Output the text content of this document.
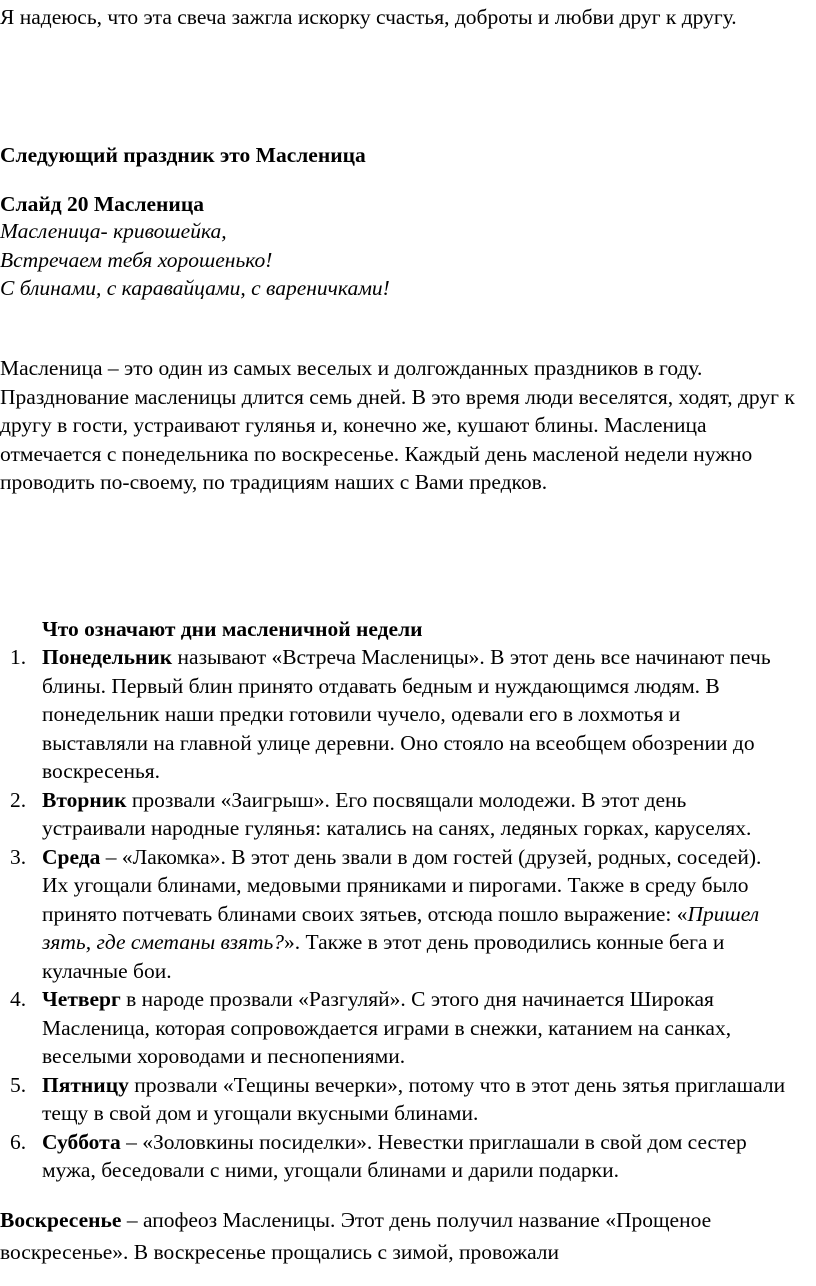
Я надеюсь, что эта свеча зажгла искорку счастья, доброты и любви друг к другу.

Следующий праздник это Масленица

Слайд 20 Масленица

Масленица- кривошейка,
Встречаем тебя хорошенько!
С блинами, с каравайцами, с вареничками!

Масленица – это один из самых веселых и долгожданных праздников в году. Празднование масленицы длится семь дней. В это время люди веселятся, ходят, друг к другу в гости, устраивают гулянья и, конечно же, кушают блины. Масленица отмечается с понедельника по воскресенье. Каждый день масленой недели нужно проводить по-своему, по традициям наших с Вами предков.

Что означают дни масленичной недели

1. Понедельник называют «Встреча Масленицы». В этот день все начинают печь блины. Первый блин принято отдавать бедным и нуждающимся людям. В понедельник наши предки готовили чучело, одевали его в лохмотья и выставляли на главной улице деревни. Оно стояло на всеобщем обозрении до воскресенья.
2. Вторник прозвали «Заигрыш». Его посвящали молодежи. В этот день устраивали народные гулянья: катались на санях, ледяных горках, каруселях.
3. Среда – «Лакомка». В этот день звали в дом гостей (друзей, родных, соседей). Их угощали блинами, медовыми пряниками и пирогами. Также в среду было принято потчевать блинами своих зятьев, отсюда пошло выражение: «Пришел зять, где сметаны взять?». Также в этот день проводились конные бега и кулачные бои.
4. Четверг в народе прозвали «Разгуляй». С этого дня начинается Широкая Масленица, которая сопровождается играми в снежки, катанием на санках, веселыми хороводами и песнопениями.
5. Пятницу прозвали «Тещины вечерки», потому что в этот день зятья приглашали тещу в свой дом и угощали вкусными блинами.
6. Суббота – «Золовкины посиделки». Невестки приглашали в свой дом сестер мужа, беседовали с ними, угощали блинами и дарили подарки.

Воскресенье – апофеоз Масленицы. Этот день получил название «Прощеное воскресенье». В воскресенье прощались с зимой, провожали
